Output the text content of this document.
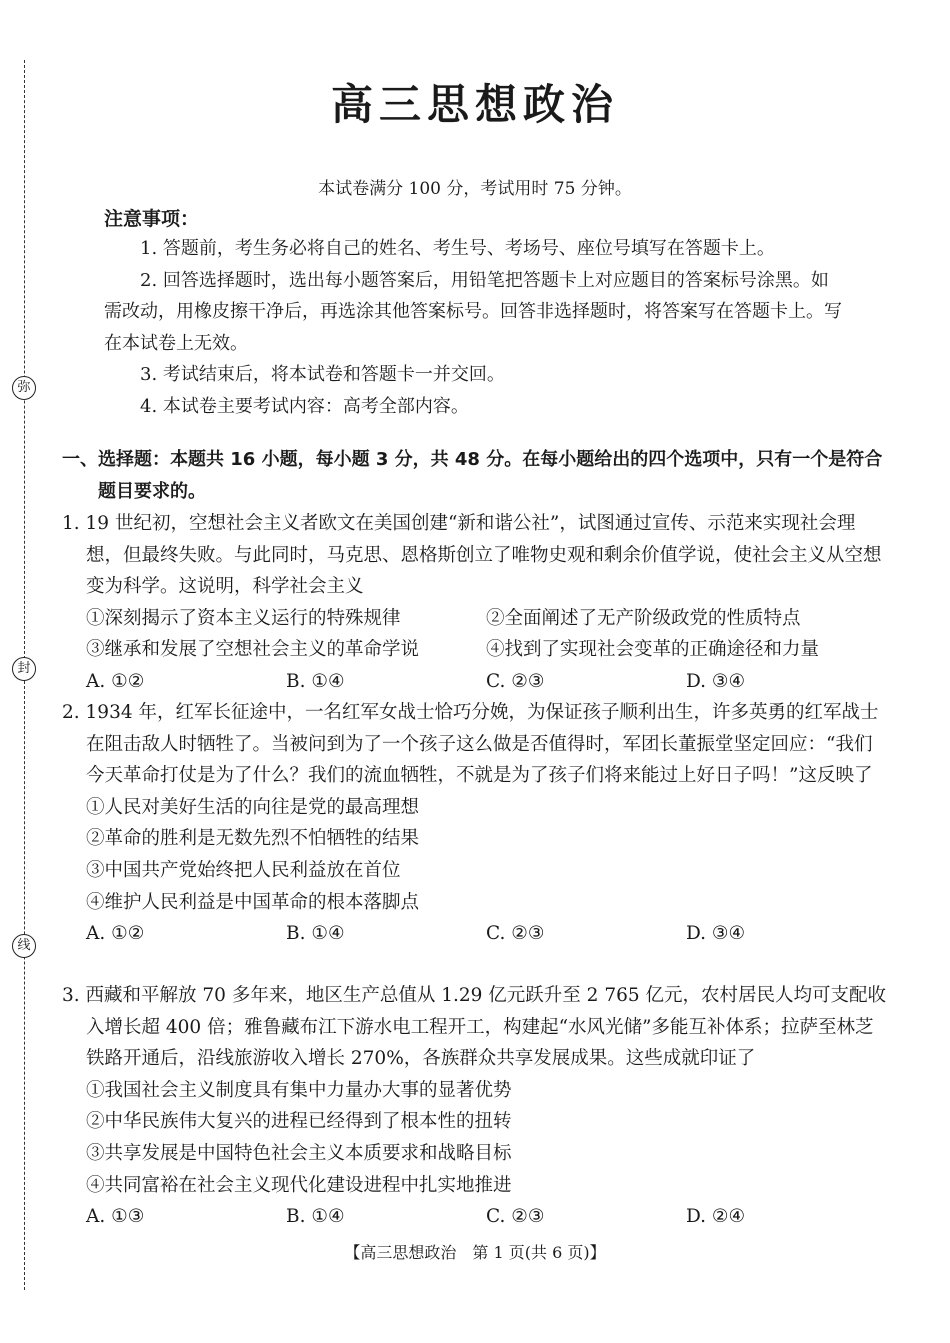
弥
封
线
高三思想政治
本试卷满分 100 分，考试用时 75 分钟。
注意事项：

1. 答题前，考生务必将自己的姓名、考生号、考场号、座位号填写在答题卡上。

2. 回答选择题时，选出每小题答案后，用铅笔把答题卡上对应题目的答案标号涂黑。如需改动，用橡皮擦干净后，再选涂其他答案标号。回答非选择题时，将答案写在答题卡上。写在本试卷上无效。

3. 考试结束后，将本试卷和答题卡一并交回。

4. 本试卷主要考试内容：高考全部内容。

一、选择题：本题共 16 小题，每小题 3 分，共 48 分。在每小题给出的四个选项中，只有一个是符合题目要求的。
1. 19 世纪初，空想社会主义者欧文在美国创建“新和谐公社”，试图通过宣传、示范来实现社会理想，但最终失败。与此同时，马克思、恩格斯创立了唯物史观和剩余价值学说，使社会主义从空想变为科学。这说明，科学社会主义
①深刻揭示了资本主义运行的特殊规律	②全面阐述了无产阶级政党的性质特点
③继承和发展了空想社会主义的革命学说	④找到了实现社会变革的正确途径和力量
A. ①②	B. ①④	C. ②③	D. ③④
2. 1934 年，红军长征途中，一名红军女战士恰巧分娩，为保证孩子顺利出生，许多英勇的红军战士在阻击敌人时牺牲了。当被问到为了一个孩子这么做是否值得时，军团长董振堂坚定回应：“我们今天革命打仗是为了什么？我们的流血牺牲，不就是为了孩子们将来能过上好日子吗！”这反映了
①人民对美好生活的向往是党的最高理想
②革命的胜利是无数先烈不怕牺牲的结果
③中国共产党始终把人民利益放在首位
④维护人民利益是中国革命的根本落脚点
A. ①②	B. ①④	C. ②③	D. ③④
3. 西藏和平解放 70 多年来，地区生产总值从 1.29 亿元跃升至 2 765 亿元，农村居民人均可支配收入增长超 400 倍；雅鲁藏布江下游水电工程开工，构建起“水风光储”多能互补体系；拉萨至林芝铁路开通后，沿线旅游收入增长 270%，各族群众共享发展成果。这些成就印证了
①我国社会主义制度具有集中力量办大事的显著优势
②中华民族伟大复兴的进程已经得到了根本性的扭转
③共享发展是中国特色社会主义本质要求和战略目标
④共同富裕在社会主义现代化建设进程中扎实地推进
A. ①③	B. ①④	C. ②③	D. ②④
【高三思想政治　第 1 页(共 6 页)】
